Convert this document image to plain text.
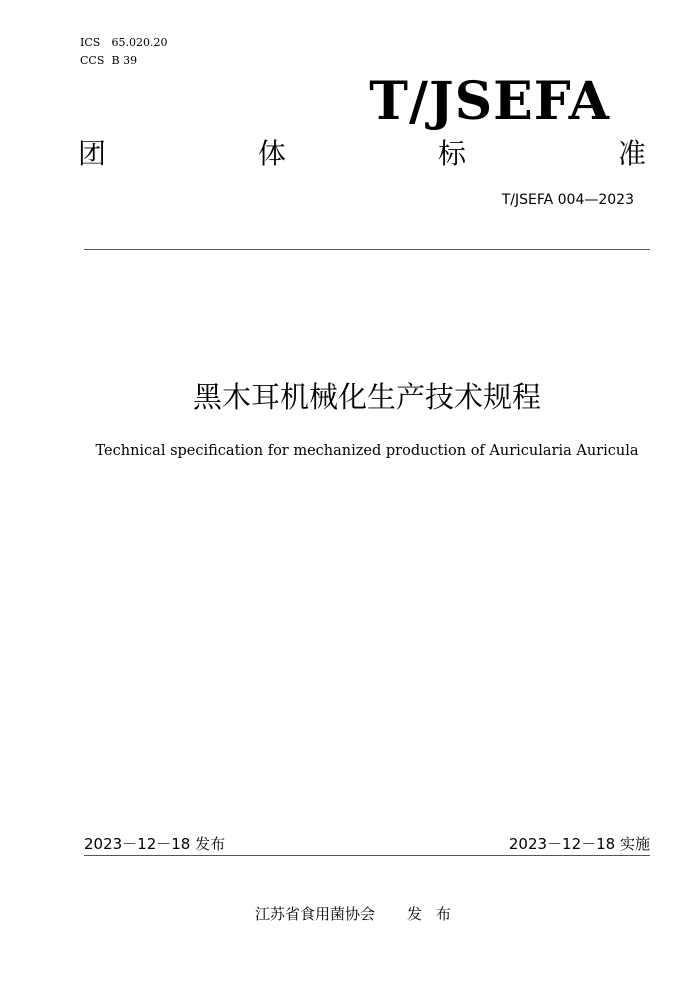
ICS 65.020.20
CCS B 39
T/JSEFA
团	体	标	准
T/JSEFA 004—2023
黑木耳机械化生产技术规程
Technical specification for mechanized production of Auricularia Auricula
2023－12－18 发布	2023－12－18 实施
江苏省食用菌协会 发布
